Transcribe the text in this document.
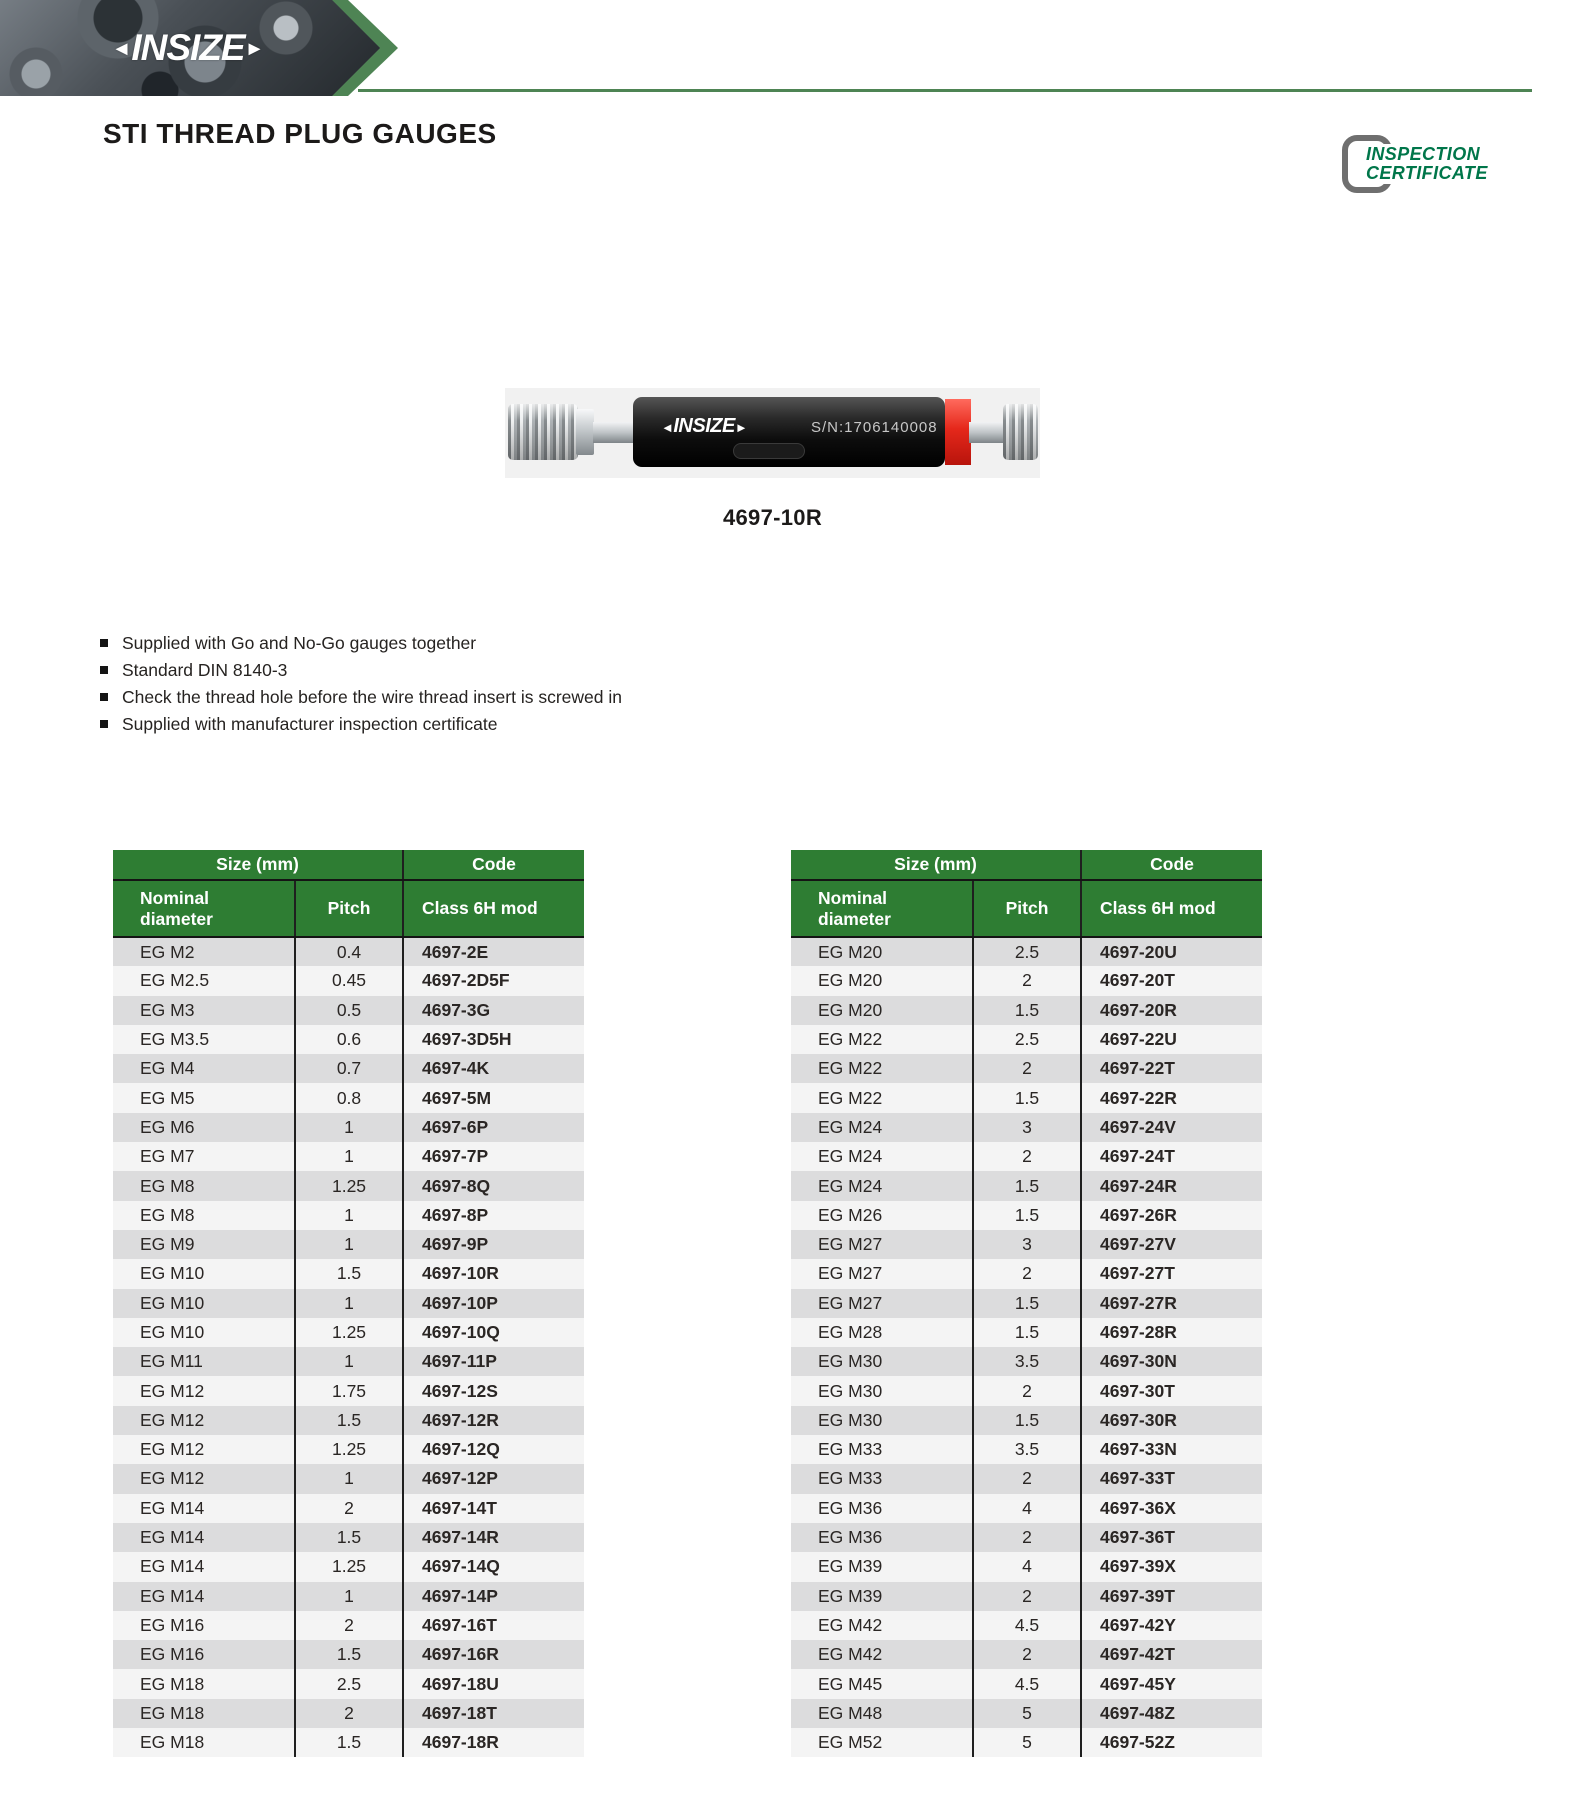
◄ INSIZE ►
STI THREAD PLUG GAUGES
INSPECTION
CERTIFICATE
◄INSIZE►	S/N:1706140008
4697-10R
Supplied with Go and No-Go gauges together
Standard DIN 8140-3
Check the thread hole before the wire thread insert is screwed in
Supplied with manufacturer inspection certificate
Size (mm)		Code
Nominal diameter	Pitch	Class 6H mod
EG M2	0.4	4697-2E
EG M2.5	0.45	4697-2D5F
EG M3	0.5	4697-3G
EG M3.5	0.6	4697-3D5H
EG M4	0.7	4697-4K
EG M5	0.8	4697-5M
EG M6	1	4697-6P
EG M7	1	4697-7P
EG M8	1.25	4697-8Q
EG M8	1	4697-8P
EG M9	1	4697-9P
EG M10	1.5	4697-10R
EG M10	1	4697-10P
EG M10	1.25	4697-10Q
EG M11	1	4697-11P
EG M12	1.75	4697-12S
EG M12	1.5	4697-12R
EG M12	1.25	4697-12Q
EG M12	1	4697-12P
EG M14	2	4697-14T
EG M14	1.5	4697-14R
EG M14	1.25	4697-14Q
EG M14	1	4697-14P
EG M16	2	4697-16T
EG M16	1.5	4697-16R
EG M18	2.5	4697-18U
EG M18	2	4697-18T
EG M18	1.5	4697-18R
Size (mm)		Code
Nominal diameter	Pitch	Class 6H mod
EG M20	2.5	4697-20U
EG M20	2	4697-20T
EG M20	1.5	4697-20R
EG M22	2.5	4697-22U
EG M22	2	4697-22T
EG M22	1.5	4697-22R
EG M24	3	4697-24V
EG M24	2	4697-24T
EG M24	1.5	4697-24R
EG M26	1.5	4697-26R
EG M27	3	4697-27V
EG M27	2	4697-27T
EG M27	1.5	4697-27R
EG M28	1.5	4697-28R
EG M30	3.5	4697-30N
EG M30	2	4697-30T
EG M30	1.5	4697-30R
EG M33	3.5	4697-33N
EG M33	2	4697-33T
EG M36	4	4697-36X
EG M36	2	4697-36T
EG M39	4	4697-39X
EG M39	2	4697-39T
EG M42	4.5	4697-42Y
EG M42	2	4697-42T
EG M45	4.5	4697-45Y
EG M48	5	4697-48Z
EG M52	5	4697-52Z
